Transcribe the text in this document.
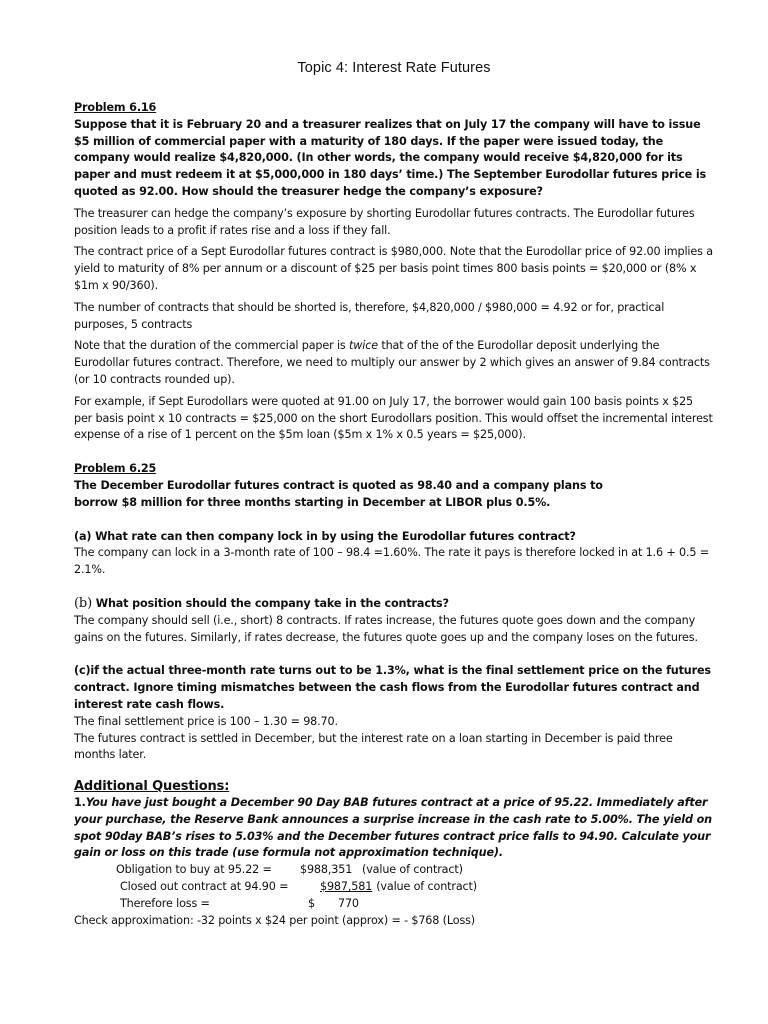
Topic 4: Interest Rate Futures

Problem 6.16

Suppose that it is February 20 and a treasurer realizes that on July 17 the company will have to issue $5 million of commercial paper with a maturity of 180 days. If the paper were issued today, the company would realize $4,820,000. (In other words, the company would receive $4,820,000 for its paper and must redeem it at $5,000,000 in 180 days’ time.) The September Eurodollar futures price is quoted as 92.00. How should the treasurer hedge the company’s exposure?

The treasurer can hedge the company’s exposure by shorting Eurodollar futures contracts. The Eurodollar futures position leads to a profit if rates rise and a loss if they fall.

The contract price of a Sept Eurodollar futures contract is $980,000. Note that the Eurodollar price of 92.00 implies a yield to maturity of 8% per annum or a discount of $25 per basis point times 800 basis points = $20,000 or (8% x $1m x 90/360).

The number of contracts that should be shorted is, therefore, $4,820,000 / $980,000 = 4.92 or for, practical purposes, 5 contracts

Note that the duration of the commercial paper is twice that of the of the Eurodollar deposit underlying the Eurodollar futures contract. Therefore, we need to multiply our answer by 2 which gives an answer of 9.84 contracts (or 10 contracts rounded up).

For example, if Sept Eurodollars were quoted at 91.00 on July 17, the borrower would gain 100 basis points x $25 per basis point x 10 contracts = $25,000 on the short Eurodollars position. This would offset the incremental interest expense of a rise of 1 percent on the $5m loan ($5m x 1% x 0.5 years = $25,000).

Problem 6.25

The December Eurodollar futures contract is quoted as 98.40 and a company plans to

borrow $8 million for three months starting in December at LIBOR plus 0.5%.

(a) What rate can then company lock in by using the Eurodollar futures contract?

The company can lock in a 3-month rate of 100 – 98.4 =1.60%. The rate it pays is therefore locked in at 1.6 + 0.5 = 2.1%.

(b) What position should the company take in the contracts?

The company should sell (i.e., short) 8 contracts. If rates increase, the futures quote goes down and the company gains on the futures. Similarly, if rates decrease, the futures quote goes up and the company loses on the futures.

(c)if the actual three-month rate turns out to be 1.3%, what is the final settlement price on the futures contract. Ignore timing mismatches between the cash flows from the Eurodollar futures contract and interest rate cash flows.

The final settlement price is 100 – 1.30 = 98.70.

The futures contract is settled in December, but the interest rate on a loan starting in December is paid three months later.

Additional Questions:

1.You have just bought a December 90 Day BAB futures contract at a price of 95.22. Immediately after your purchase, the Reserve Bank announces a surprise increase in the cash rate to 5.00%. The yield on spot 90day BAB’s rises to 5.03% and the December futures contract price falls to 94.90. Calculate your gain or loss on this trade (use formula not approximation technique).

Obligation to buy at 95.22 =	$988,351 (value of contract)
Closed out contract at 94.90 =	$987,581 (value of contract)
Therefore loss =	$	770

Check approximation: -32 points x $24 per point (approx) = - $768 (Loss)
